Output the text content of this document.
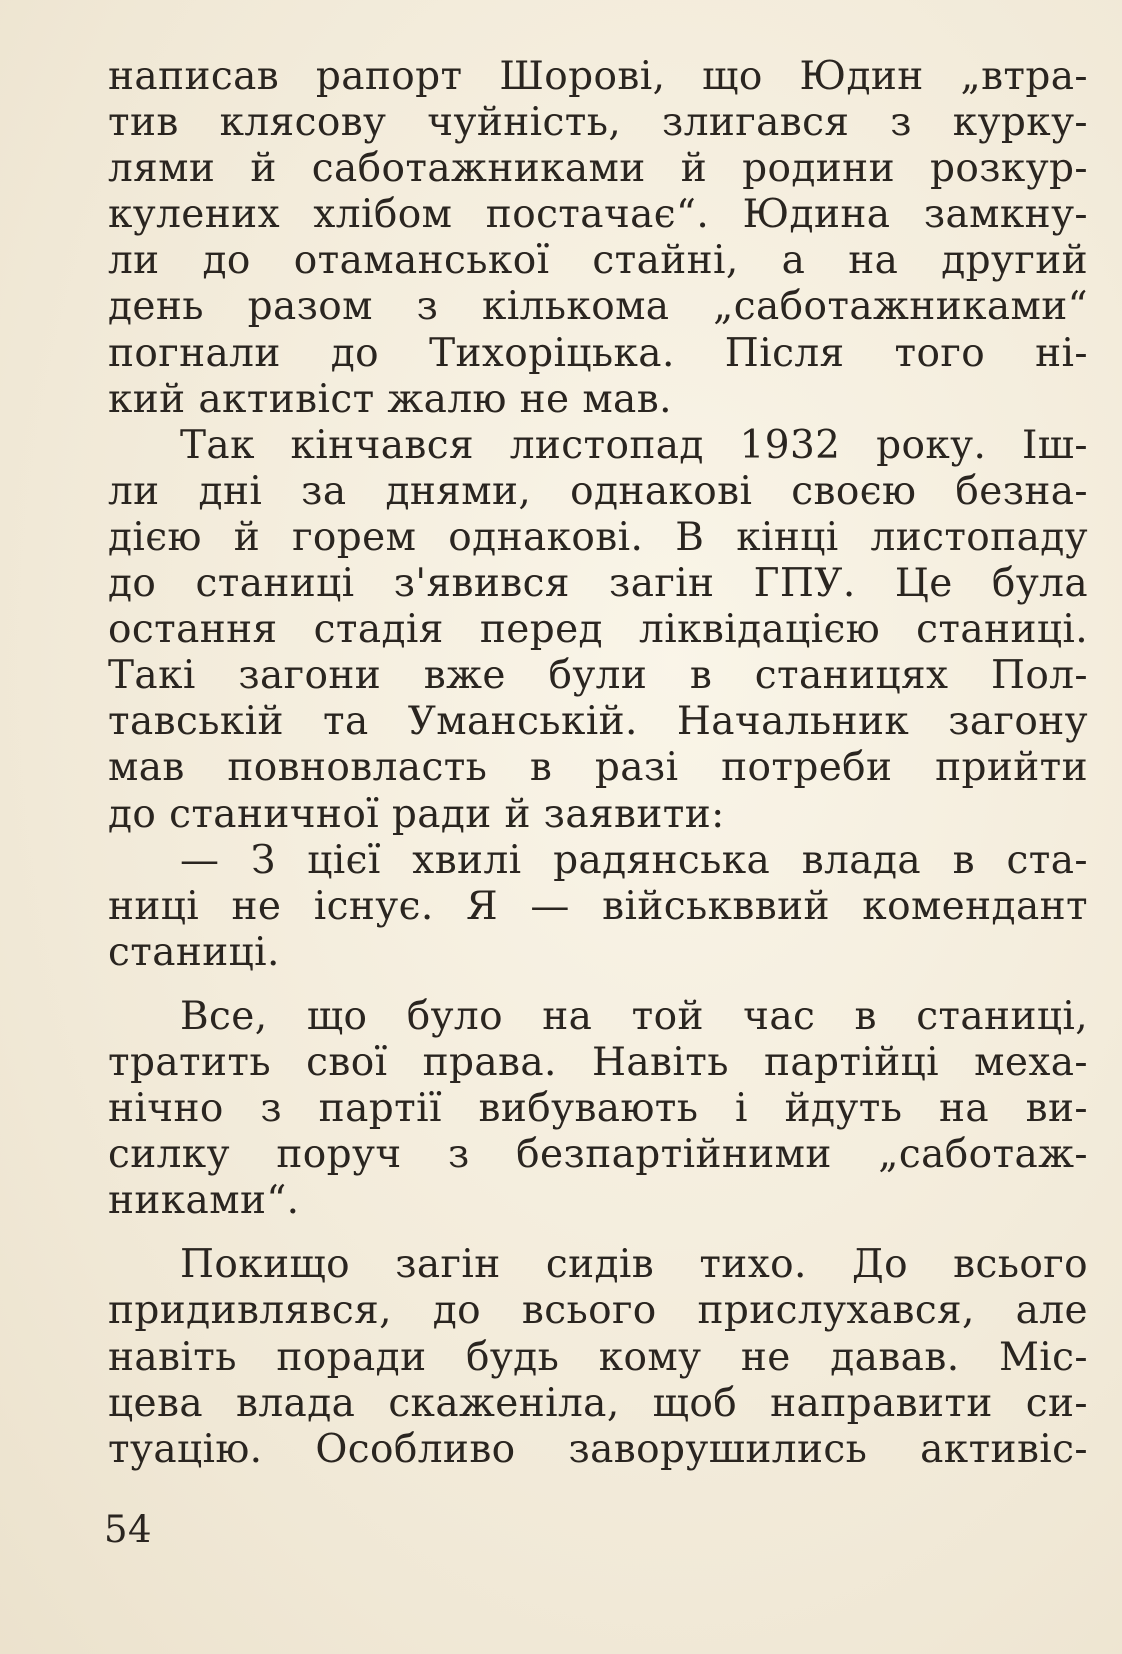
написав рапорт Шорові, що Юдин „втра-
тив клясову чуйність, злигався з курку-
лями й саботажниками й родини розкур-
кулених хлібом постачає“. Юдина замкну-
ли до отаманської стайні, а на другий
день разом з кількома „саботажниками“
погнали до Тихоріцька. Після того ні-
кий активіст жалю не мав.
Так кінчався листопад 1932 року. Іш-
ли дні за днями, однакові своєю безна-
дією й горем однакові. В кінці листопаду
до станиці з'явився загін ГПУ. Це була
остання стадія перед ліквідацією станиці.
Такі загони вже були в станицях Пол-
тавській та Уманській. Начальник загону
мав повновласть в разі потреби прийти
до станичної ради й заявити:
— З цієї хвилі радянська влада в ста-
ниці не існує. Я — військввий комендант
станиці.
Все, що було на той час в станиці,
тратить свої права. Навіть партійці меха-
нічно з партії вибувають і йдуть на ви-
силку поруч з безпартійними „саботаж-
никами“.
Покищо загін сидів тихо. До всього
придивлявся, до всього прислухався, але
навіть поради будь кому не давав. Міс-
цева влада скаженіла, щоб направити си-
туацію. Особливо заворушились активіс-
54
